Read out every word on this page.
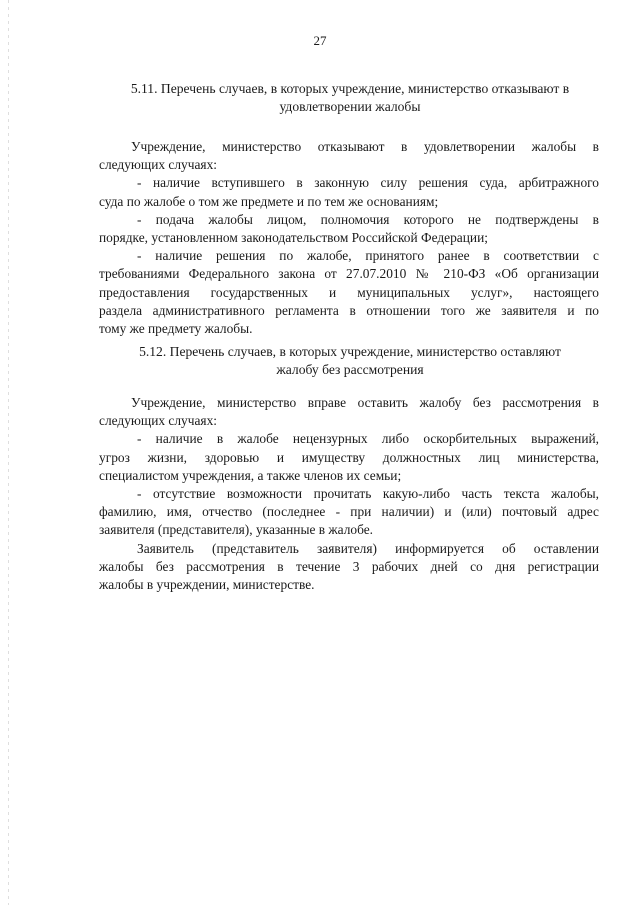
27
5.11. Перечень случаев, в которых учреждение, министерство отказывают в
удовлетворении жалобы
Учреждение, министерство отказывают в удовлетворении жалобы в
следующих случаях:
- наличие вступившего в законную силу решения суда, арбитражного
суда по жалобе о том же предмете и по тем же основаниям;
- подача жалобы лицом, полномочия которого не подтверждены в
порядке, установленном законодательством Российской Федерации;
- наличие решения по жалобе, принятого ранее в соответствии с
требованиями Федерального закона от 27.07.2010 № 210-ФЗ «Об организации
предоставления государственных и муниципальных услуг», настоящего
раздела административного регламента в отношении того же заявителя и по
тому же предмету жалобы.
5.12. Перечень случаев, в которых учреждение, министерство оставляют
жалобу без рассмотрения
Учреждение, министерство вправе оставить жалобу без рассмотрения в
следующих случаях:
- наличие в жалобе нецензурных либо оскорбительных выражений,
угроз жизни, здоровью и имуществу должностных лиц министерства,
специалистом учреждения, а также членов их семьи;
- отсутствие возможности прочитать какую-либо часть текста жалобы,
фамилию, имя, отчество (последнее - при наличии) и (или) почтовый адрес
заявителя (представителя), указанные в жалобе.
Заявитель (представитель заявителя) информируется об оставлении
жалобы без рассмотрения в течение 3 рабочих дней со дня регистрации
жалобы в учреждении, министерстве.
